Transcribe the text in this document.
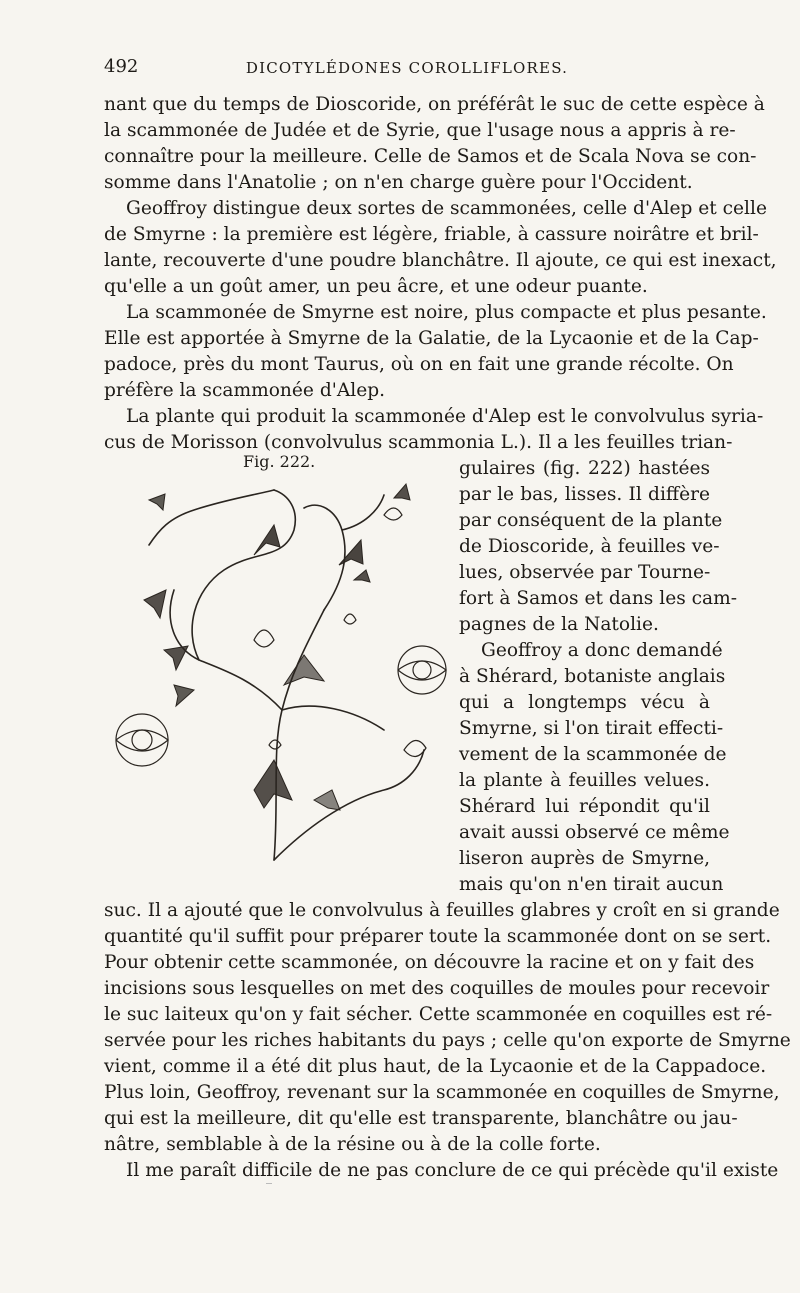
492	DICOTYLÉDONES COROLLIFLORES.
nant que du temps de Dioscoride, on préférât le suc de cette espèce à
la scammonée de Judée et de Syrie, que l'usage nous a appris à re-
connaître pour la meilleure. Celle de Samos et de Scala Nova se con-
somme dans l'Anatolie ; on n'en charge guère pour l'Occident.
Geoffroy distingue deux sortes de scammonées, celle d'Alep et celle
de Smyrne : la première est légère, friable, à cassure noirâtre et bril-
lante, recouverte d'une poudre blanchâtre. Il ajoute, ce qui est inexact,
qu'elle a un goût amer, un peu âcre, et une odeur puante.
La scammonée de Smyrne est noire, plus compacte et plus pesante.
Elle est apportée à Smyrne de la Galatie, de la Lycaonie et de la Cap-
padoce, près du mont Taurus, où on en fait une grande récolte. On
préfère la scammonée d'Alep.
La plante qui produit la scammonée d'Alep est le convolvulus syria-
cus de Morisson (convolvulus scammonia L.). Il a les feuilles trian-
Fig. 222.	gulaires (fig. 222) hastées
par le bas, lisses. Il diffère
par conséquent de la plante
de Dioscoride, à feuilles ve-
lues, observée par Tourne-
fort à Samos et dans les cam-
pagnes de la Natolie.
Geoffroy a donc demandé
à Shérard, botaniste anglais
qui a longtemps vécu à
Smyrne, si l'on tirait effecti-
vement de la scammonée de
la plante à feuilles velues.
Shérard lui répondit qu'il
avait aussi observé ce même
liseron auprès de Smyrne,
mais qu'on n'en tirait aucun
suc. Il a ajouté que le convolvulus à feuilles glabres y croît en si grande
quantité qu'il suffit pour préparer toute la scammonée dont on se sert.
Pour obtenir cette scammonée, on découvre la racine et on y fait des
incisions sous lesquelles on met des coquilles de moules pour recevoir
le suc laiteux qu'on y fait sécher. Cette scammonée en coquilles est ré-
servée pour les riches habitants du pays ; celle qu'on exporte de Smyrne
vient, comme il a été dit plus haut, de la Lycaonie et de la Cappadoce.
Plus loin, Geoffroy, revenant sur la scammonée en coquilles de Smyrne,
qui est la meilleure, dit qu'elle est transparente, blanchâtre ou jau-
nâtre, semblable à de la résine ou à de la colle forte.
Il me paraît difficile de ne pas conclure de ce qui précède qu'il existe
